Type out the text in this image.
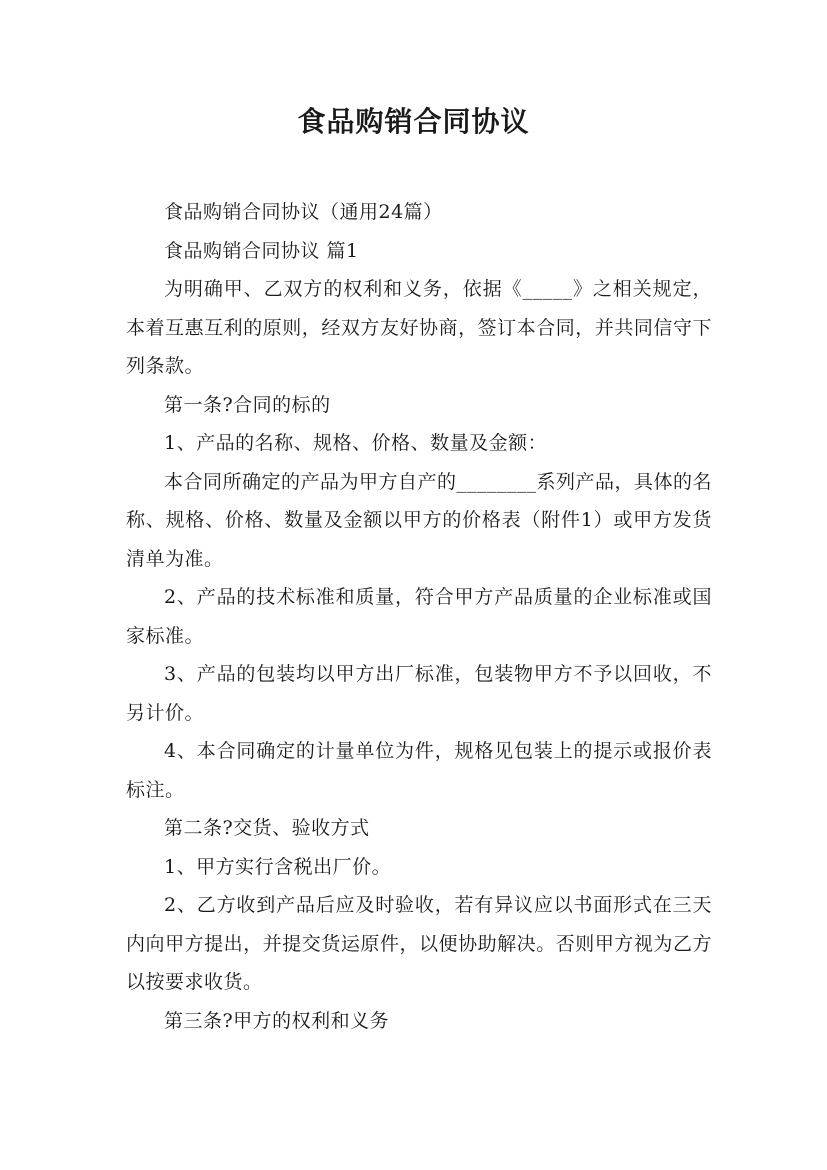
食品购销合同协议

食品购销合同协议（通用24篇）

食品购销合同协议 篇1

为明确甲、乙双方的权利和义务，依据《_____》之相关规定，本着互惠互利的原则，经双方友好协商，签订本合同，并共同信守下列条款。

第一条?合同的标的

1、产品的名称、规格、价格、数量及金额：

本合同所确定的产品为甲方自产的________系列产品，具体的名称、规格、价格、数量及金额以甲方的价格表（附件1）或甲方发货清单为准。

2、产品的技术标准和质量，符合甲方产品质量的企业标准或国家标准。

3、产品的包装均以甲方出厂标准，包装物甲方不予以回收，不另计价。

4、本合同确定的计量单位为件，规格见包装上的提示或报价表标注。

第二条?交货、验收方式

1、甲方实行含税出厂价。

2、乙方收到产品后应及时验收，若有异议应以书面形式在三天内向甲方提出，并提交货运原件，以便协助解决。否则甲方视为乙方以按要求收货。

第三条?甲方的权利和义务
